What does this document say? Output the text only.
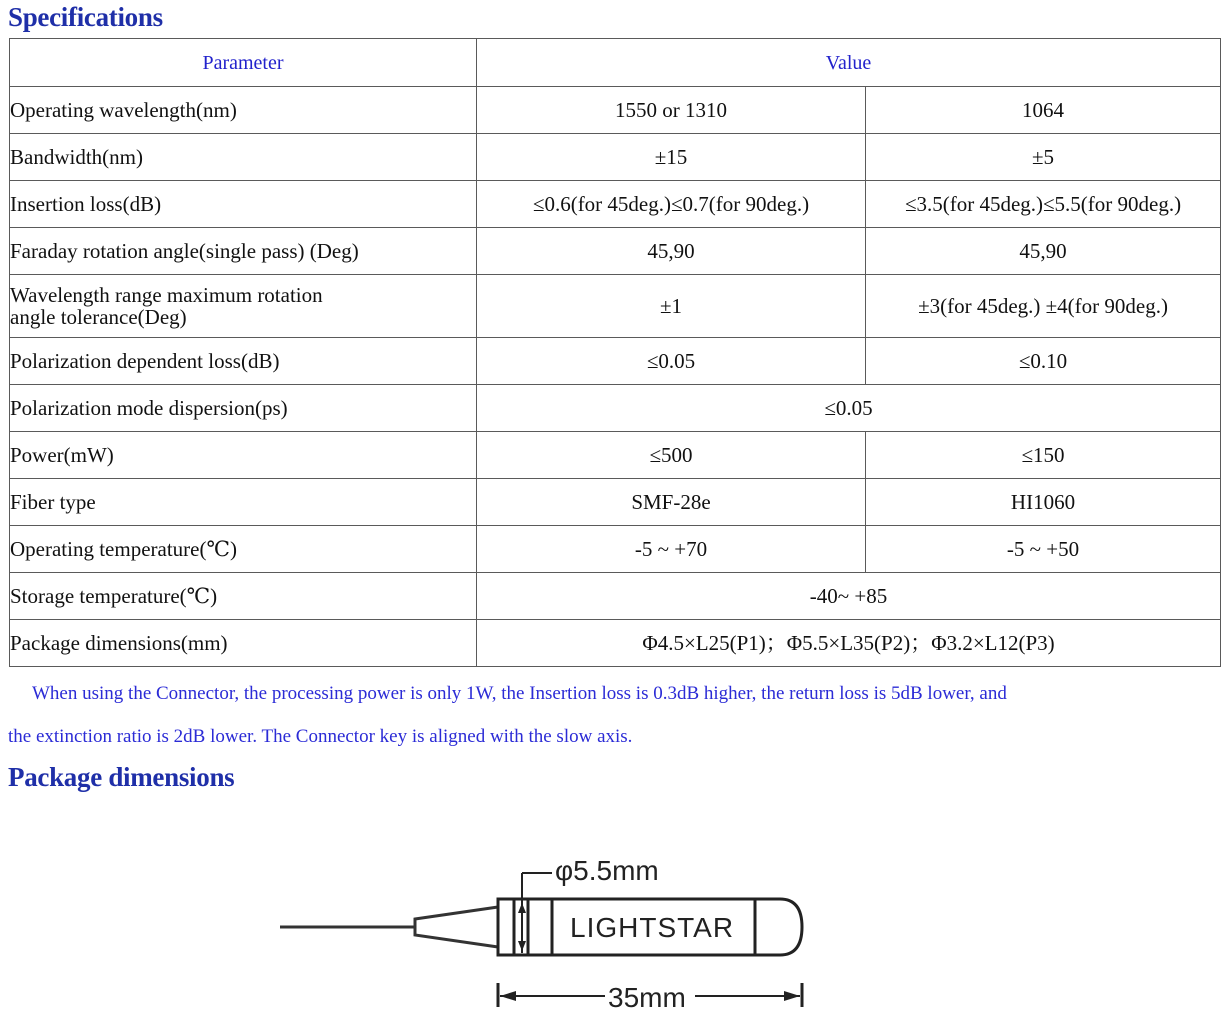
Specifications
Parameter	Value	
Operating wavelength(nm)	1550 or 1310	1064
Bandwidth(nm)	±15	±5
Insertion loss(dB)	≤0.6(for 45deg.)≤0.7(for 90deg.)	≤3.5(for 45deg.)≤5.5(for 90deg.)
Faraday rotation angle(single pass) (Deg)	45,90	45,90
Wavelength range maximum rotation
angle tolerance(Deg)	±1	±3(for 45deg.) ±4(for 90deg.)
Polarization dependent loss(dB)	≤0.05	≤0.10
Polarization mode dispersion(ps)	≤0.05	
Power(mW)	≤500	≤150
Fiber type	SMF-28e	HI1060
Operating temperature(℃)	-5 ~ +70	-5 ~ +50
Storage temperature(℃)	-40~ +85	
Package dimensions(mm)	Φ4.5×L25(P1)；Φ5.5×L35(P2)；Φ3.2×L12(P3)	

When using the Connector, the processing power is only 1W, the Insertion loss is 0.3dB higher, the return loss is 5dB lower, and

the extinction ratio is 2dB lower. The Connector key is aligned with the slow axis.

Package dimensions
φ5.5mm
LIGHTSTAR
35mm
